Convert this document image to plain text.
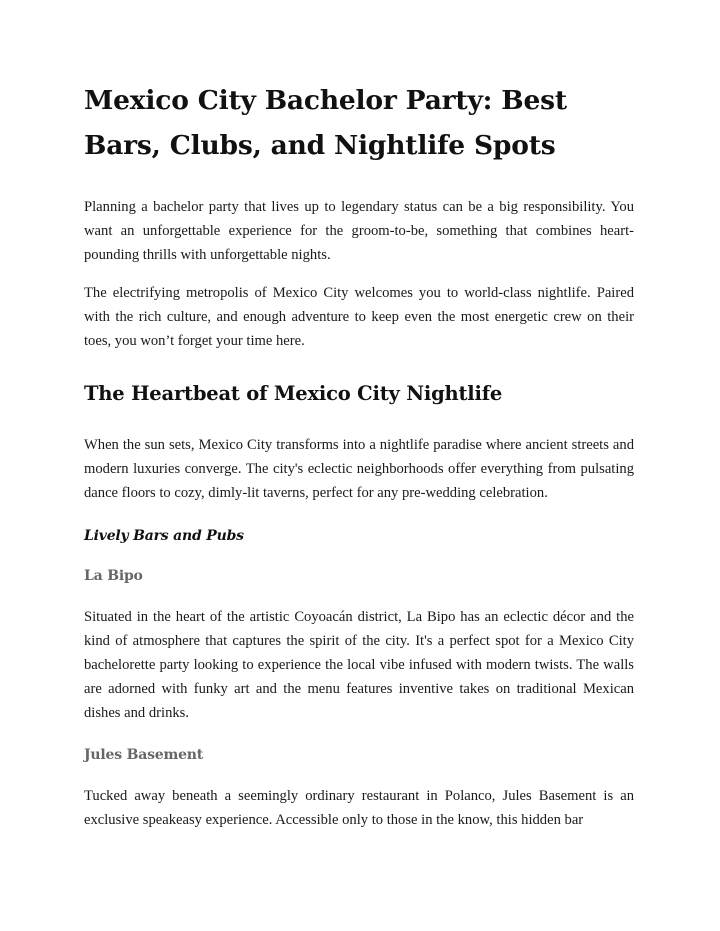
Mexico City Bachelor Party: Best Bars, Clubs, and Nightlife Spots

Planning a bachelor party that lives up to legendary status can be a big responsibility. You want an unforgettable experience for the groom-to-be, something that combines heart-pounding thrills with unforgettable nights.

The electrifying metropolis of Mexico City welcomes you to world-class nightlife. Paired with the rich culture, and enough adventure to keep even the most energetic crew on their toes, you won’t forget your time here.

The Heartbeat of Mexico City Nightlife

When the sun sets, Mexico City transforms into a nightlife paradise where ancient streets and modern luxuries converge. The city's eclectic neighborhoods offer everything from pulsating dance floors to cozy, dimly-lit taverns, perfect for any pre-wedding celebration.

Lively Bars and Pubs
La Bipo

Situated in the heart of the artistic Coyoacán district, La Bipo has an eclectic décor and the kind of atmosphere that captures the spirit of the city. It's a perfect spot for a Mexico City bachelorette party looking to experience the local vibe infused with modern twists. The walls are adorned with funky art and the menu features inventive takes on traditional Mexican dishes and drinks.

Jules Basement

Tucked away beneath a seemingly ordinary restaurant in Polanco, Jules Basement is an exclusive speakeasy experience. Accessible only to those in the know, this hidden bar
